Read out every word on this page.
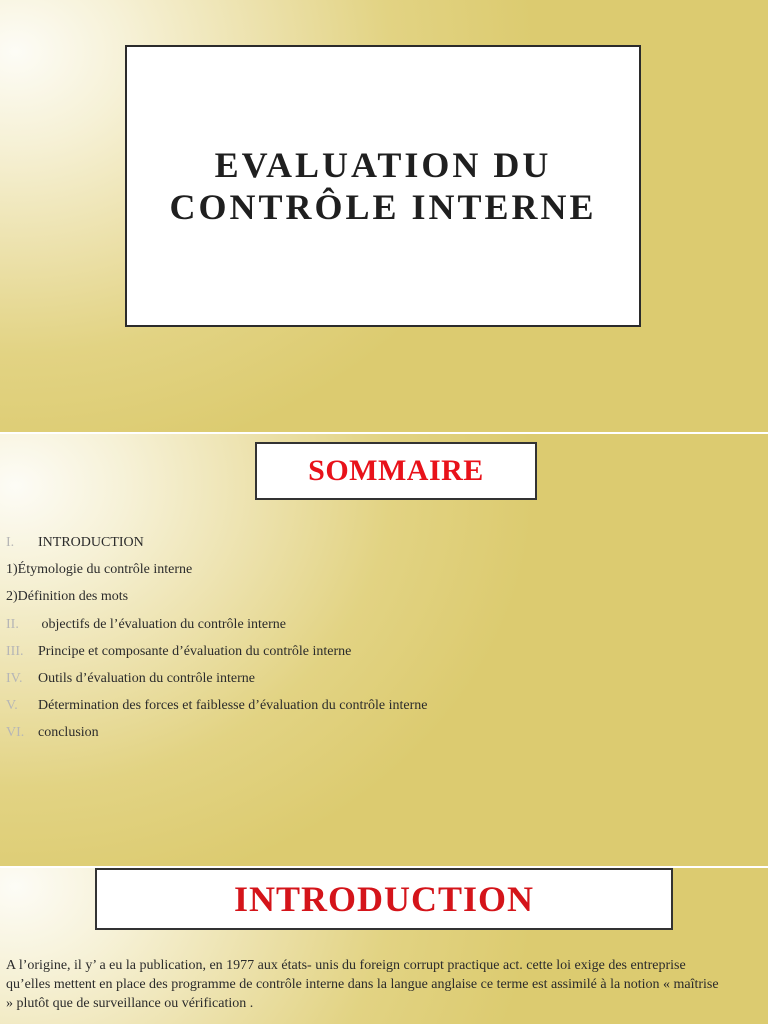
EVALUATION DU
CONTRÔLE INTERNE
SOMMAIRE
I. INTRODUCTION
1)Étymologie du contrôle interne
2)Définition des mots
II. objectifs de l’évaluation du contrôle interne
III. Principe et composante d’évaluation du contrôle interne
IV. Outils d’évaluation du contrôle interne
V. Détermination des forces et faiblesse d’évaluation du contrôle interne
VI. conclusion
INTRODUCTION

A l’origine, il y’ a eu la publication, en 1977 aux états- unis du foreign corrupt practique act. cette loi exige des entreprise qu’elles mettent en place des programme de contrôle interne dans la langue anglaise ce terme est assimilé à la notion « maîtrise » plutôt que de surveillance ou vérification .
